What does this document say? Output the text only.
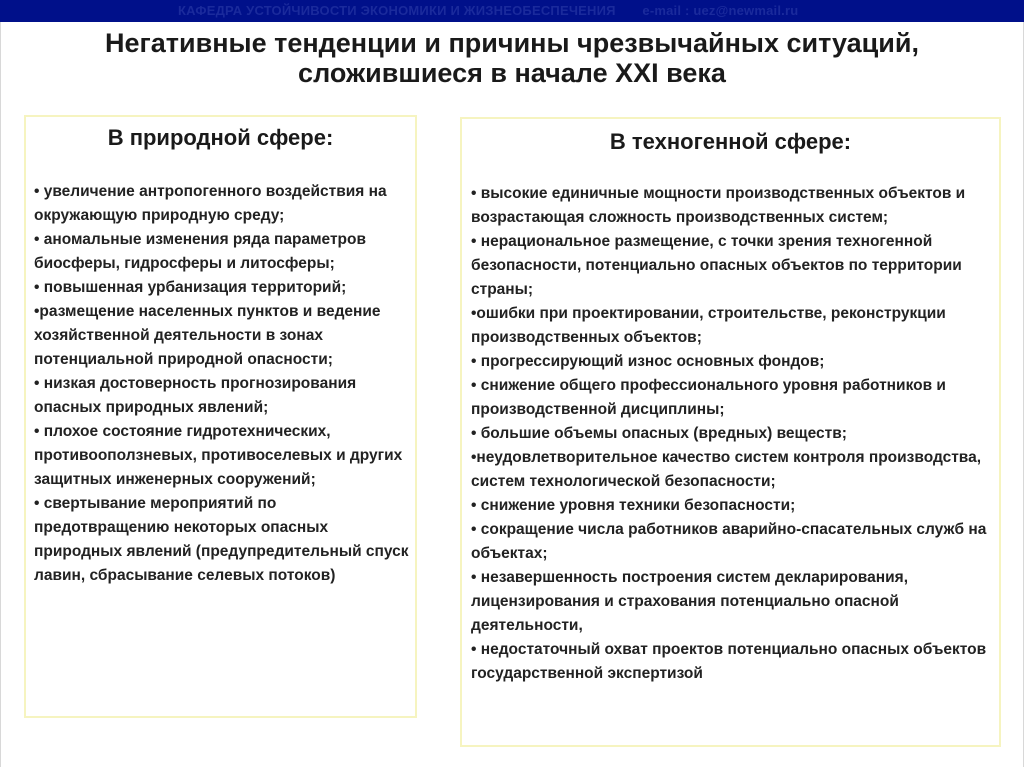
КАФЕДРА УСТОЙЧИВОСТИ ЭКОНОМИКИ И ЖИЗНЕОБЕСПЕЧЕНИЯ       e-mail : uez@newmail.ru
Негативные тенденции и причины чрезвычайных ситуаций,
сложившиеся в начале XXI века
В природной сфере:
• увеличение антропогенного воздействия на окружающую природную среду;
• аномальные изменения ряда параметров биосферы, гидросферы и литосферы;
• повышенная урбанизация территорий;
•размещение населенных пунктов и ведение хозяйственной деятельности в зонах потенциальной природной опасности;
• низкая достоверность прогнозирования опасных природных явлений;
• плохое состояние гидротехнических, противооползневых, противоселевых и других защитных инженерных сооружений;
• свертывание мероприятий по предотвращению некоторых опасных природных явлений (предупредительный спуск лавин, сбрасывание селевых потоков)
В техногенной сфере:
• высокие единичные мощности производственных объектов и возрастающая сложность производственных систем;
• нерациональное размещение, с точки зрения техногенной безопасности, потенциально опасных объектов по территории страны;
•ошибки при проектировании, строительстве, реконструкции производственных объектов;
• прогрессирующий износ основных фондов;
• снижение общего профессионального уровня работников и производственной дисциплины;
• большие объемы опасных (вредных) веществ;
•неудовлетворительное качество систем контроля производства, систем технологической безопасности;
• снижение уровня техники безопасности;
• сокращение числа работников аварийно-спасательных служб на объектах;
• незавершенность построения систем декларирования, лицензирования и страхования потенциально опасной деятельности,
• недостаточный охват проектов потенциально опасных объектов государственной экспертизой
